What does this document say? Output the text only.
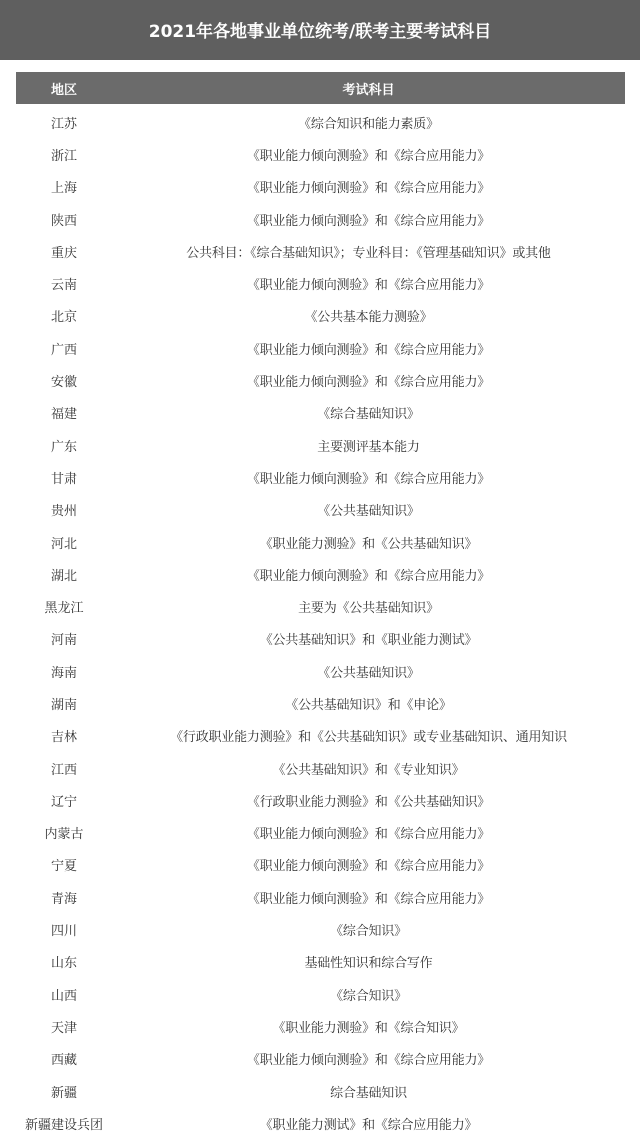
2021年各地事业单位统考/联考主要考试科目
地区	考试科目
江苏	《综合知识和能力素质》
浙江	《职业能力倾向测验》和《综合应用能力》
上海	《职业能力倾向测验》和《综合应用能力》
陕西	《职业能力倾向测验》和《综合应用能力》
重庆	公共科目：《综合基础知识》；专业科目：《管理基础知识》或其他
云南	《职业能力倾向测验》和《综合应用能力》
北京	《公共基本能力测验》
广西	《职业能力倾向测验》和《综合应用能力》
安徽	《职业能力倾向测验》和《综合应用能力》
福建	《综合基础知识》
广东	主要测评基本能力
甘肃	《职业能力倾向测验》和《综合应用能力》
贵州	《公共基础知识》
河北	《职业能力测验》和《公共基础知识》
湖北	《职业能力倾向测验》和《综合应用能力》
黑龙江	主要为《公共基础知识》
河南	《公共基础知识》和《职业能力测试》
海南	《公共基础知识》
湖南	《公共基础知识》和《申论》
吉林	《行政职业能力测验》和《公共基础知识》或专业基础知识、通用知识
江西	《公共基础知识》和《专业知识》
辽宁	《行政职业能力测验》和《公共基础知识》
内蒙古	《职业能力倾向测验》和《综合应用能力》
宁夏	《职业能力倾向测验》和《综合应用能力》
青海	《职业能力倾向测验》和《综合应用能力》
四川	《综合知识》
山东	基础性知识和综合写作
山西	《综合知识》
天津	《职业能力测验》和《综合知识》
西藏	《职业能力倾向测验》和《综合应用能力》
新疆	综合基础知识
新疆建设兵团	《职业能力测试》和《综合应用能力》
